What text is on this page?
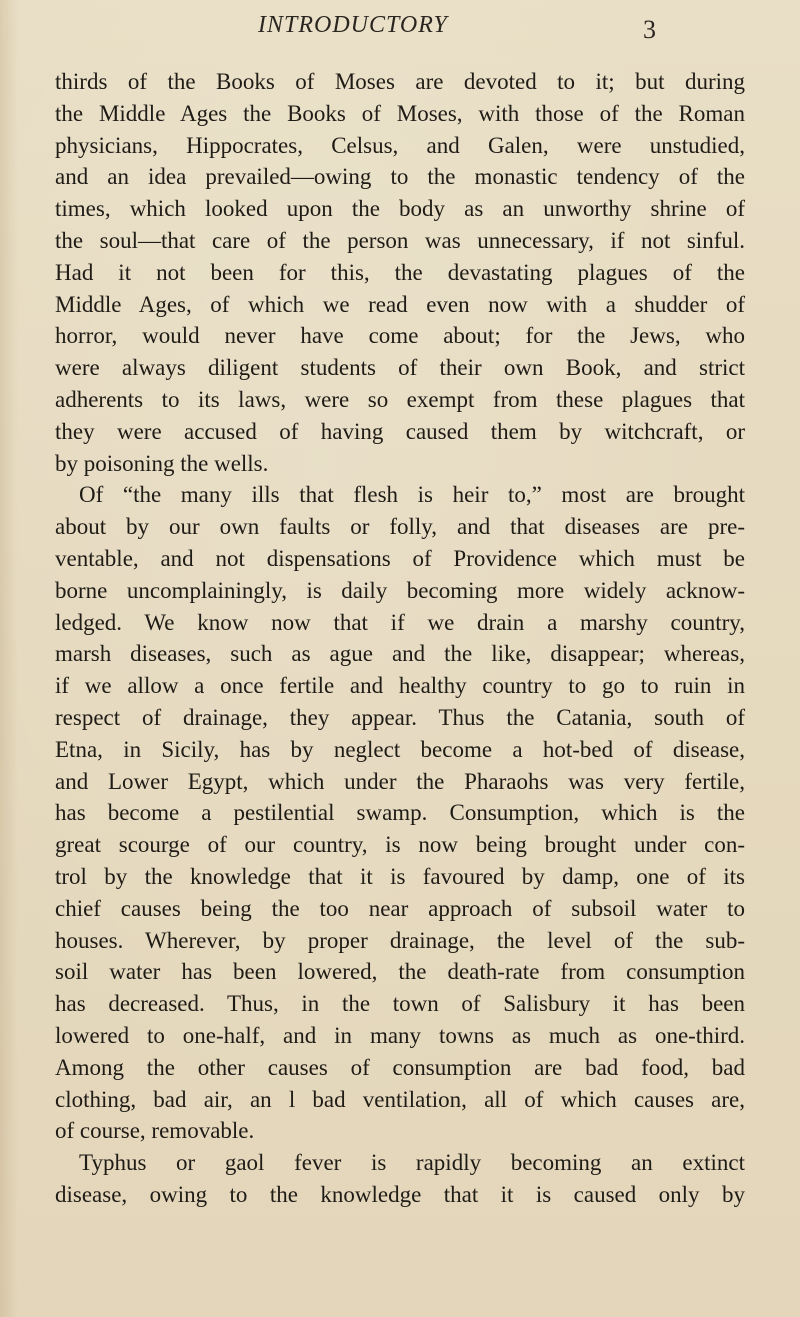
INTRODUCTORY	3
thirds of the Books of Moses are devoted to it; but during
the Middle Ages the Books of Moses, with those of the Roman
physicians, Hippocrates, Celsus, and Galen, were unstudied,
and an idea prevailed—owing to the monastic tendency of the
times, which looked upon the body as an unworthy shrine of
the soul—that care of the person was unnecessary, if not sinful.
Had it not been for this, the devastating plagues of the
Middle Ages, of which we read even now with a shudder of
horror, would never have come about; for the Jews, who
were always diligent students of their own Book, and strict
adherents to its laws, were so exempt from these plagues that
they were accused of having caused them by witchcraft, or
by poisoning the wells.
Of “the many ills that flesh is heir to,” most are brought
about by our own faults or folly, and that diseases are pre-
ventable, and not dispensations of Providence which must be
borne uncomplainingly, is daily becoming more widely acknow-
ledged. We know now that if we drain a marshy country,
marsh diseases, such as ague and the like, disappear; whereas,
if we allow a once fertile and healthy country to go to ruin in
respect of drainage, they appear. Thus the Catania, south of
Etna, in Sicily, has by neglect become a hot-bed of disease,
and Lower Egypt, which under the Pharaohs was very fertile,
has become a pestilential swamp. Consumption, which is the
great scourge of our country, is now being brought under con-
trol by the knowledge that it is favoured by damp, one of its
chief causes being the too near approach of subsoil water to
houses. Wherever, by proper drainage, the level of the sub-
soil water has been lowered, the death-rate from consumption
has decreased. Thus, in the town of Salisbury it has been
lowered to one-half, and in many towns as much as one-third.
Among the other causes of consumption are bad food, bad
clothing, bad air, an l bad ventilation, all of which causes are,
of course, removable.
Typhus or gaol fever is rapidly becoming an extinct
disease, owing to the knowledge that it is caused only by
